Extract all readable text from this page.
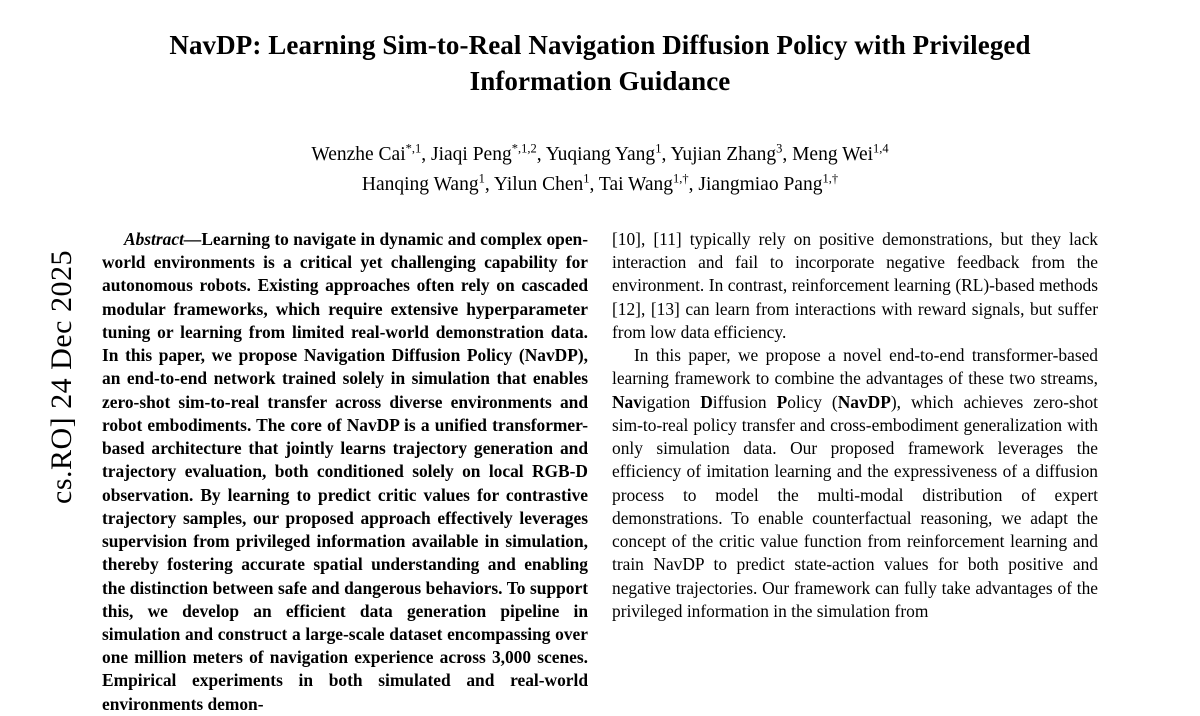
cs.RO] 24 Dec 2025
NavDP: Learning Sim-to-Real Navigation Diffusion Policy with Privileged Information Guidance
Wenzhe Cai$^{*,1}$, Jiaqi Peng$^{*,1,2}$, Yuqiang Yang$^1$, Yujian Zhang$^3$, Meng Wei$^{1,4}$
Hanqing Wang$^1$, Yilun Chen$^1$, Tai Wang$^{1,\dagger}$, Jiangmiao Pang$^{1,\dagger}$

Abstract—Learning to navigate in dynamic and complex open-world environments is a critical yet challenging capability for autonomous robots. Existing approaches often rely on cascaded modular frameworks, which require extensive hyperparameter tuning or learning from limited real-world demonstration data. In this paper, we propose Navigation Diffusion Policy (NavDP), an end-to-end network trained solely in simulation that enables zero-shot sim-to-real transfer across diverse environments and robot embodiments. The core of NavDP is a unified transformer-based architecture that jointly learns trajectory generation and trajectory evaluation, both conditioned solely on local RGB-D observation. By learning to predict critic values for contrastive trajectory samples, our proposed approach effectively leverages supervision from privileged information available in simulation, thereby fostering accurate spatial understanding and enabling the distinction between safe and dangerous behaviors. To support this, we develop an efficient data generation pipeline in simulation and construct a large-scale dataset encompassing over one million meters of navigation experience across 3,000 scenes. Empirical experiments in both simulated and real-world environments demon-

[10], [11] typically rely on positive demonstrations, but they lack interaction and fail to incorporate negative feedback from the environment. In contrast, reinforcement learning (RL)-based methods [12], [13] can learn from interactions with reward signals, but suffer from low data efficiency.

In this paper, we propose a novel end-to-end transformer-based learning framework to combine the advantages of these two streams, Navigation Diffusion Policy (NavDP), which achieves zero-shot sim-to-real policy transfer and cross-embodiment generalization with only simulation data. Our proposed framework leverages the efficiency of imitation learning and the expressiveness of a diffusion process to model the multi-modal distribution of expert demonstrations. To enable counterfactual reasoning, we adapt the concept of the critic value function from reinforcement learning and train NavDP to predict state-action values for both positive and negative trajectories. Our framework can fully take advantages of the privileged information in the simulation from
